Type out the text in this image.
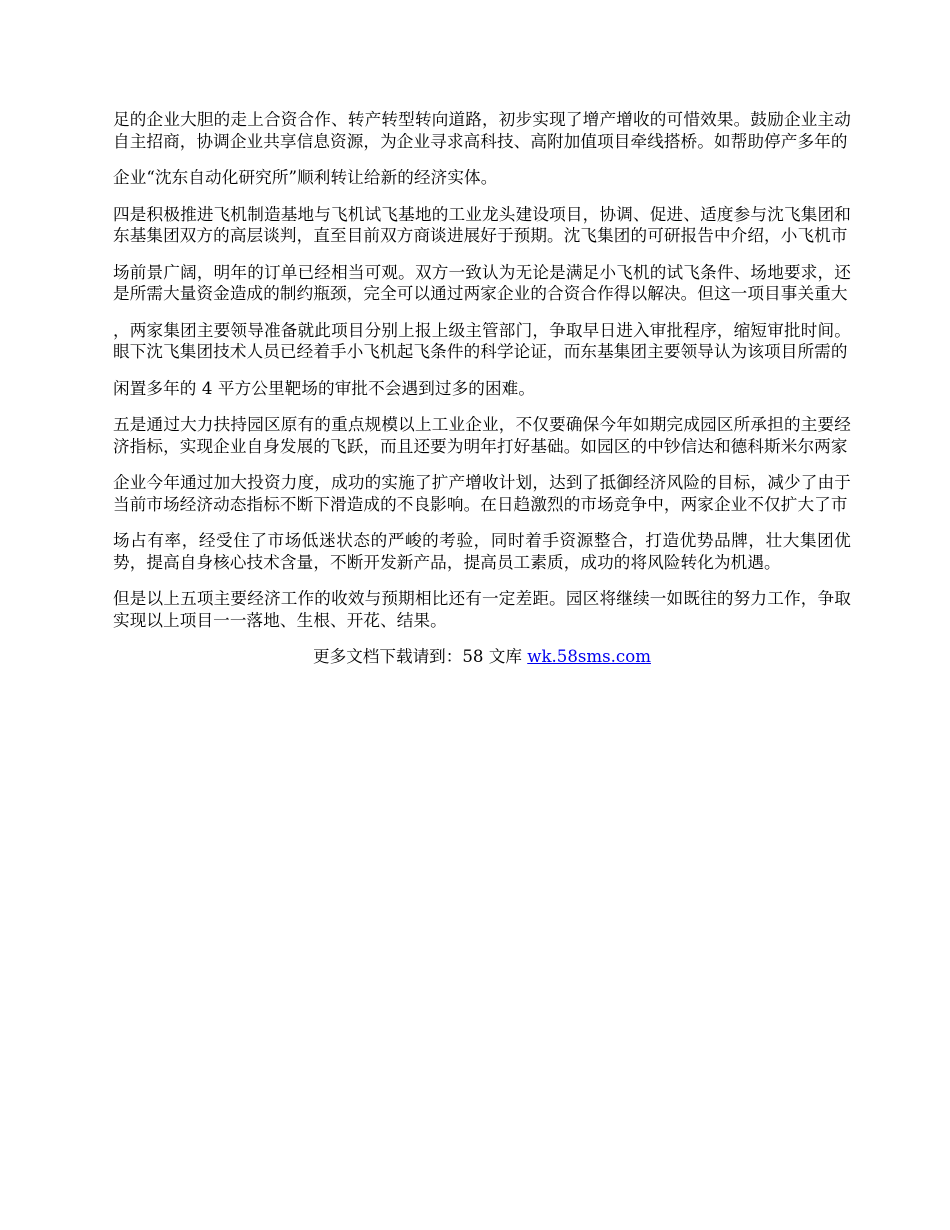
足的企业大胆的走上合资合作、转产转型转向道路，初步实现了增产增收的可惜效果。鼓励企业主动自主招商，协调企业共享信息资源，为企业寻求高科技、高附加值项目牵线搭桥。如帮助停产多年的

企业“沈东自动化研究所”顺利转让给新的经济实体。

四是积极推进飞机制造基地与飞机试飞基地的工业龙头建设项目，协调、促进、适度参与沈飞集团和东基集团双方的高层谈判，直至目前双方商谈进展好于预期。沈飞集团的可研报告中介绍，小飞机市

场前景广阔，明年的订单已经相当可观。双方一致认为无论是满足小飞机的试飞条件、场地要求，还是所需大量资金造成的制约瓶颈，完全可以通过两家企业的合资合作得以解决。但这一项目事关重大

，两家集团主要领导准备就此项目分别上报上级主管部门，争取早日进入审批程序，缩短审批时间。眼下沈飞集团技术人员已经着手小飞机起飞条件的科学论证，而东基集团主要领导认为该项目所需的

闲置多年的 4 平方公里靶场的审批不会遇到过多的困难。

五是通过大力扶持园区原有的重点规模以上工业企业，不仅要确保今年如期完成园区所承担的主要经济指标，实现企业自身发展的飞跃，而且还要为明年打好基础。如园区的中钞信达和德科斯米尔两家

企业今年通过加大投资力度，成功的实施了扩产增收计划，达到了抵御经济风险的目标，减少了由于当前市场经济动态指标不断下滑造成的不良影响。在日趋激烈的市场竞争中，两家企业不仅扩大了市

场占有率，经受住了市场低迷状态的严峻的考验，同时着手资源整合，打造优势品牌，壮大集团优势，提高自身核心技术含量，不断开发新产品，提高员工素质，成功的将风险转化为机遇。

但是以上五项主要经济工作的收效与预期相比还有一定差距。园区将继续一如既往的努力工作，争取实现以上项目一一落地、生根、开花、结果。

更多文档下载请到：58 文库 wk.58sms.com
